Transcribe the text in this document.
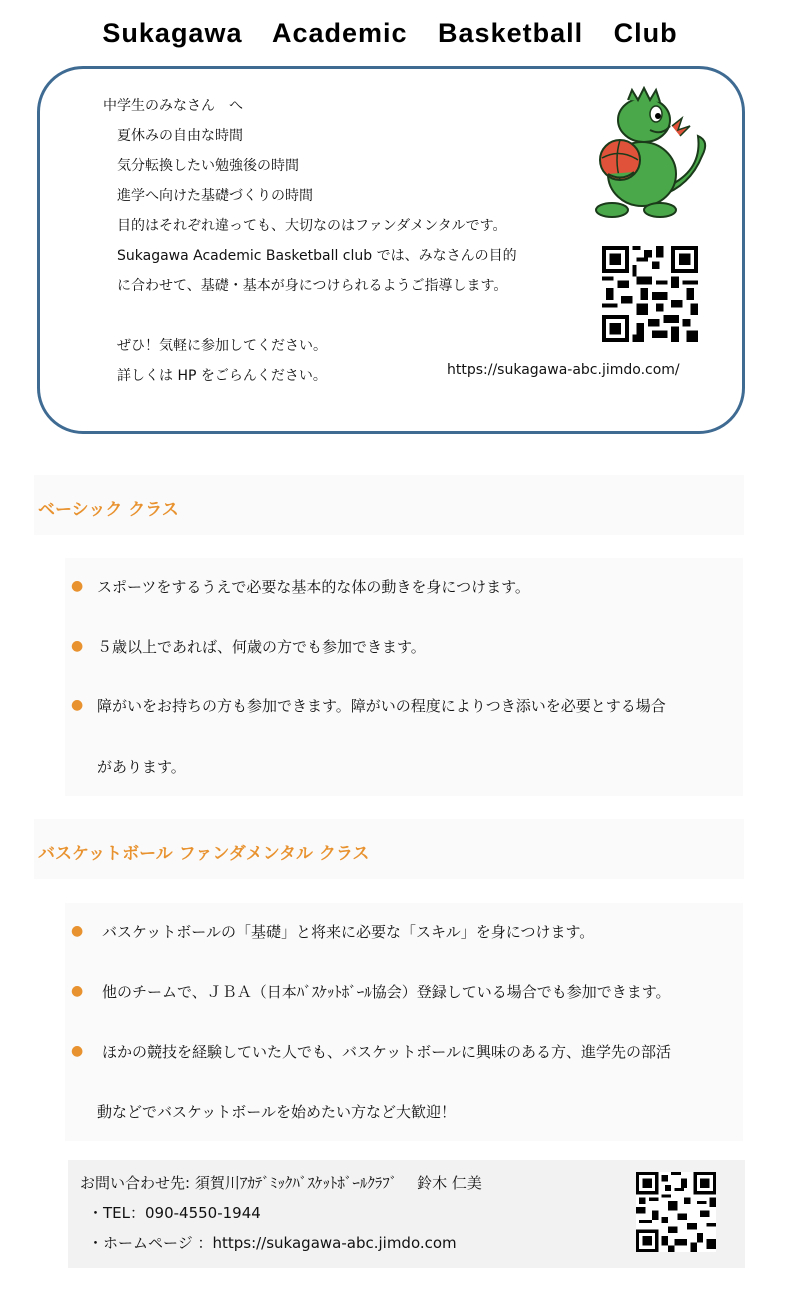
Sukagawa Academic Basketball Club
中学生のみなさん　へ
夏休みの自由な時間
気分転換したい勉強後の時間
進学へ向けた基礎づくりの時間
目的はそれぞれ違っても、大切なのはファンダメンタルです。
Sukagawa Academic Basketball club では、みなさんの目的
に合わせて、基礎・基本が身につけられるようご指導します。
ぜひ！気軽に参加してください。
詳しくは HP をごらんください。	https://sukagawa-abc.jimdo.com/
ベーシック クラス
● スポーツをするうえで必要な基本的な体の動きを身につけます。
● ５歳以上であれば、何歳の方でも参加できます。
● 障がいをお持ちの方も参加できます。障がいの程度によりつき添いを必要とする場合
があります。
バスケットボール ファンダメンタル クラス
● バスケットボールの「基礎」と将来に必要な「スキル」を身につけます。
● 他のチームで、ＪＢＡ（日本ﾊﾞｽｹｯﾄﾎﾞｰﾙ協会）登録している場合でも参加できます。
● ほかの競技を経験していた人でも、バスケットボールに興味のある方、進学先の部活
動などでバスケットボールを始めたい方など大歓迎！
お問い合わせ先: 須賀川ｱｶﾃﾞﾐｯｸﾊﾞｽｹｯﾄﾎﾞｰﾙｸﾗﾌﾞ　 鈴木 仁美
・TEL：090-4550-1944
・ホームページ ：https://sukagawa-abc.jimdo.com
